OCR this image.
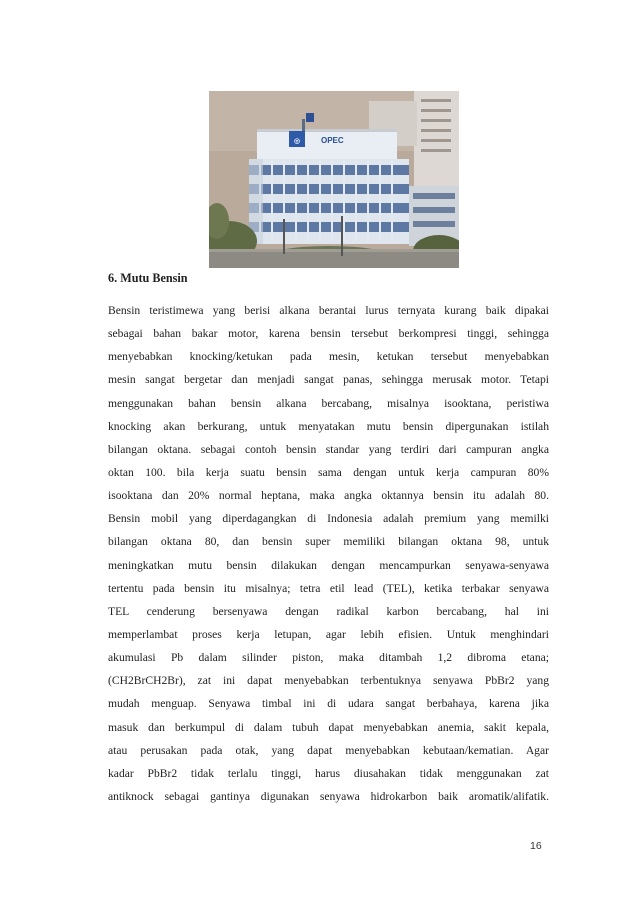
◎	OPEC
6. Mutu Bensin
Bensin teristimewa yang berisi alkana berantai lurus ternyata kurang baik dipakai
sebagai bahan bakar motor, karena bensin tersebut berkompresi tinggi, sehingga
menyebabkan knocking/ketukan pada mesin, ketukan tersebut menyebabkan
mesin sangat bergetar dan menjadi sangat panas, sehingga merusak motor. Tetapi
menggunakan bahan bensin alkana bercabang, misalnya isooktana, peristiwa
knocking akan berkurang, untuk menyatakan mutu bensin dipergunakan istilah
bilangan oktana. sebagai contoh bensin standar yang terdiri dari campuran angka
oktan 100. bila kerja suatu bensin sama dengan untuk kerja campuran 80%
isooktana dan 20% normal heptana, maka angka oktannya bensin itu adalah 80.
Bensin mobil yang diperdagangkan di Indonesia adalah premium yang memilki
bilangan oktana 80, dan bensin super memiliki bilangan oktana 98, untuk
meningkatkan mutu bensin dilakukan dengan mencampurkan senyawa-senyawa
tertentu pada bensin itu misalnya; tetra etil lead (TEL), ketika terbakar senyawa
TEL cenderung bersenyawa dengan radikal karbon bercabang, hal ini
memperlambat proses kerja letupan, agar lebih efisien. Untuk menghindari
akumulasi Pb dalam silinder piston, maka ditambah 1,2 dibroma etana;
(CH2BrCH2Br), zat ini dapat menyebabkan terbentuknya senyawa PbBr2 yang
mudah menguap. Senyawa timbal ini di udara sangat berbahaya, karena jika
masuk dan berkumpul di dalam tubuh dapat menyebabkan anemia, sakit kepala,
atau perusakan pada otak, yang dapat menyebabkan kebutaan/kematian. Agar
kadar PbBr2 tidak terlalu tinggi, harus diusahakan tidak menggunakan zat
antiknock sebagai gantinya digunakan senyawa hidrokarbon baik aromatik/alifatik.
16
